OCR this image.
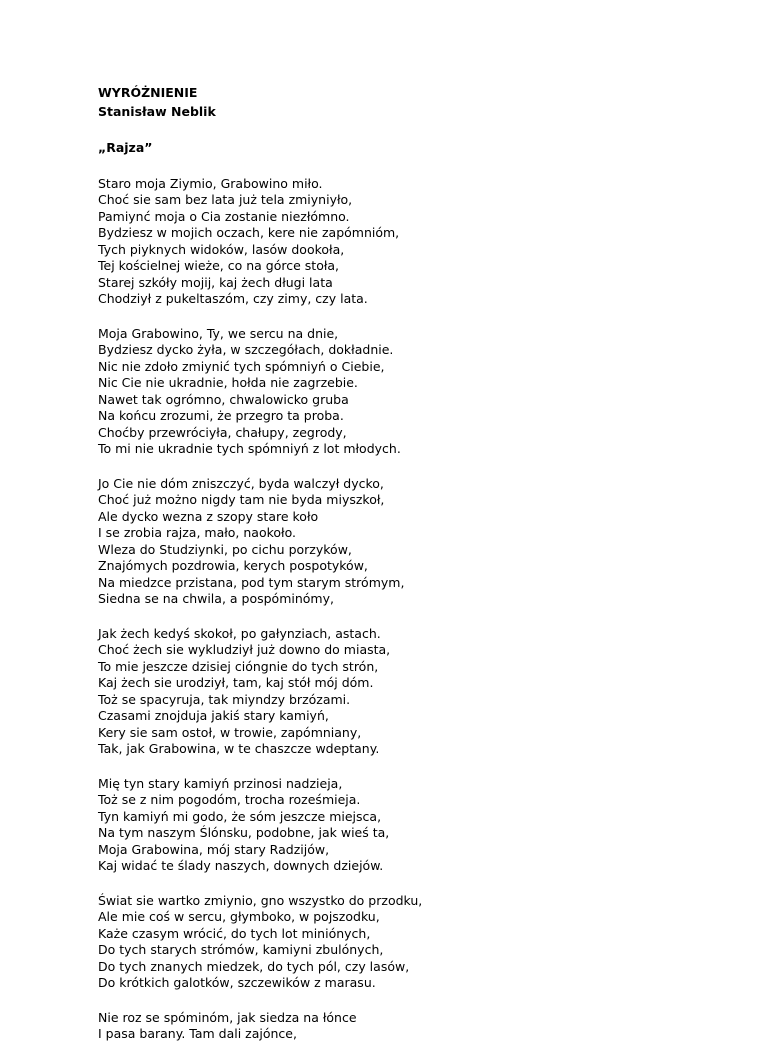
WYRÓŻNIENIE
Stanisław Neblik
„Rajza”
Staro moja Ziymio, Grabowino miło.
Choć sie sam bez lata już tela zmiyniyło,
Pamiynć moja o Cia zostanie niezłómno.
Bydziesz w mojich oczach, kere nie zapómniόm,
Tych piyknych widoków, lasów dookoła,
Tej kościelnej wieże, co na górce stoła,
Starej szkóły mojij, kaj żech długi lata
Chodziył z pukeltaszóm, czy zimy, czy lata.
Moja Grabowino, Ty, we sercu na dnie,
Bydziesz dycko żyła, w szczegółach, dokładnie.
Nic nie zdoło zmiynić tych spómniyń o Ciebie,
Nic Cie nie ukradnie, hołda nie zagrzebie.
Nawet tak ogrómno, chwalowicko gruba
Na końcu zrozumi, że przegro ta proba.
Choćby przewróciyła, chałupy, zegrody,
To mi nie ukradnie tych spómniyń z lot młodych.
Jo Cie nie dóm zniszczyć, byda walczył dycko,
Choć już możno nigdy tam nie byda miyszkoł,
Ale dycko wezna z szopy stare koło
I se zrobia rajza, mało, naokoło.
Wleza do Studziynki, po cichu porzyków,
Znajómych pozdrowia, kerych pospotyków,
Na miedzce przistana, pod tym starym strómym,
Siedna se na chwila, a pospóminómy,
Jak żech kedyś skokoł, po gałynziach, astach.
Choć żech sie wykludziył już downo do miasta,
To mie jeszcze dzisiej ciόngnie do tych strón,
Kaj żech sie urodziył, tam, kaj stół mój dóm.
Toż se spacyruja, tak miyndzy brzózami.
Czasami znojduja jakiś stary kamiyń,
Kery sie sam ostoł, w trowie, zapómniany,
Tak, jak Grabowina, w te chaszcze wdeptany.
Mię tyn stary kamiyń przinosi nadzieja,
Toż se z nim pogodóm, trocha roześmieja.
Tyn kamiyń mi godo, że sóm jeszcze miejsca,
Na tym naszym Ślónsku, podobne, jak wieś ta,
Moja Grabowina, mój stary Radzijów,
Kaj widać te ślady naszych, downych dziejów.
Świat sie wartko zmiynio, gno wszystko do przodku,
Ale mie coś w sercu, głymboko, w pojszodku,
Każe czasym wrócić, do tych lot miniónych,
Do tych starych strómów, kamiyni zbulónych,
Do tych znanych miedzek, do tych pól, czy lasów,
Do krótkich galotków, szczewików z marasu.
Nie roz se spóminóm, jak siedza na łónce
I pasa barany. Tam dali zajónce,
